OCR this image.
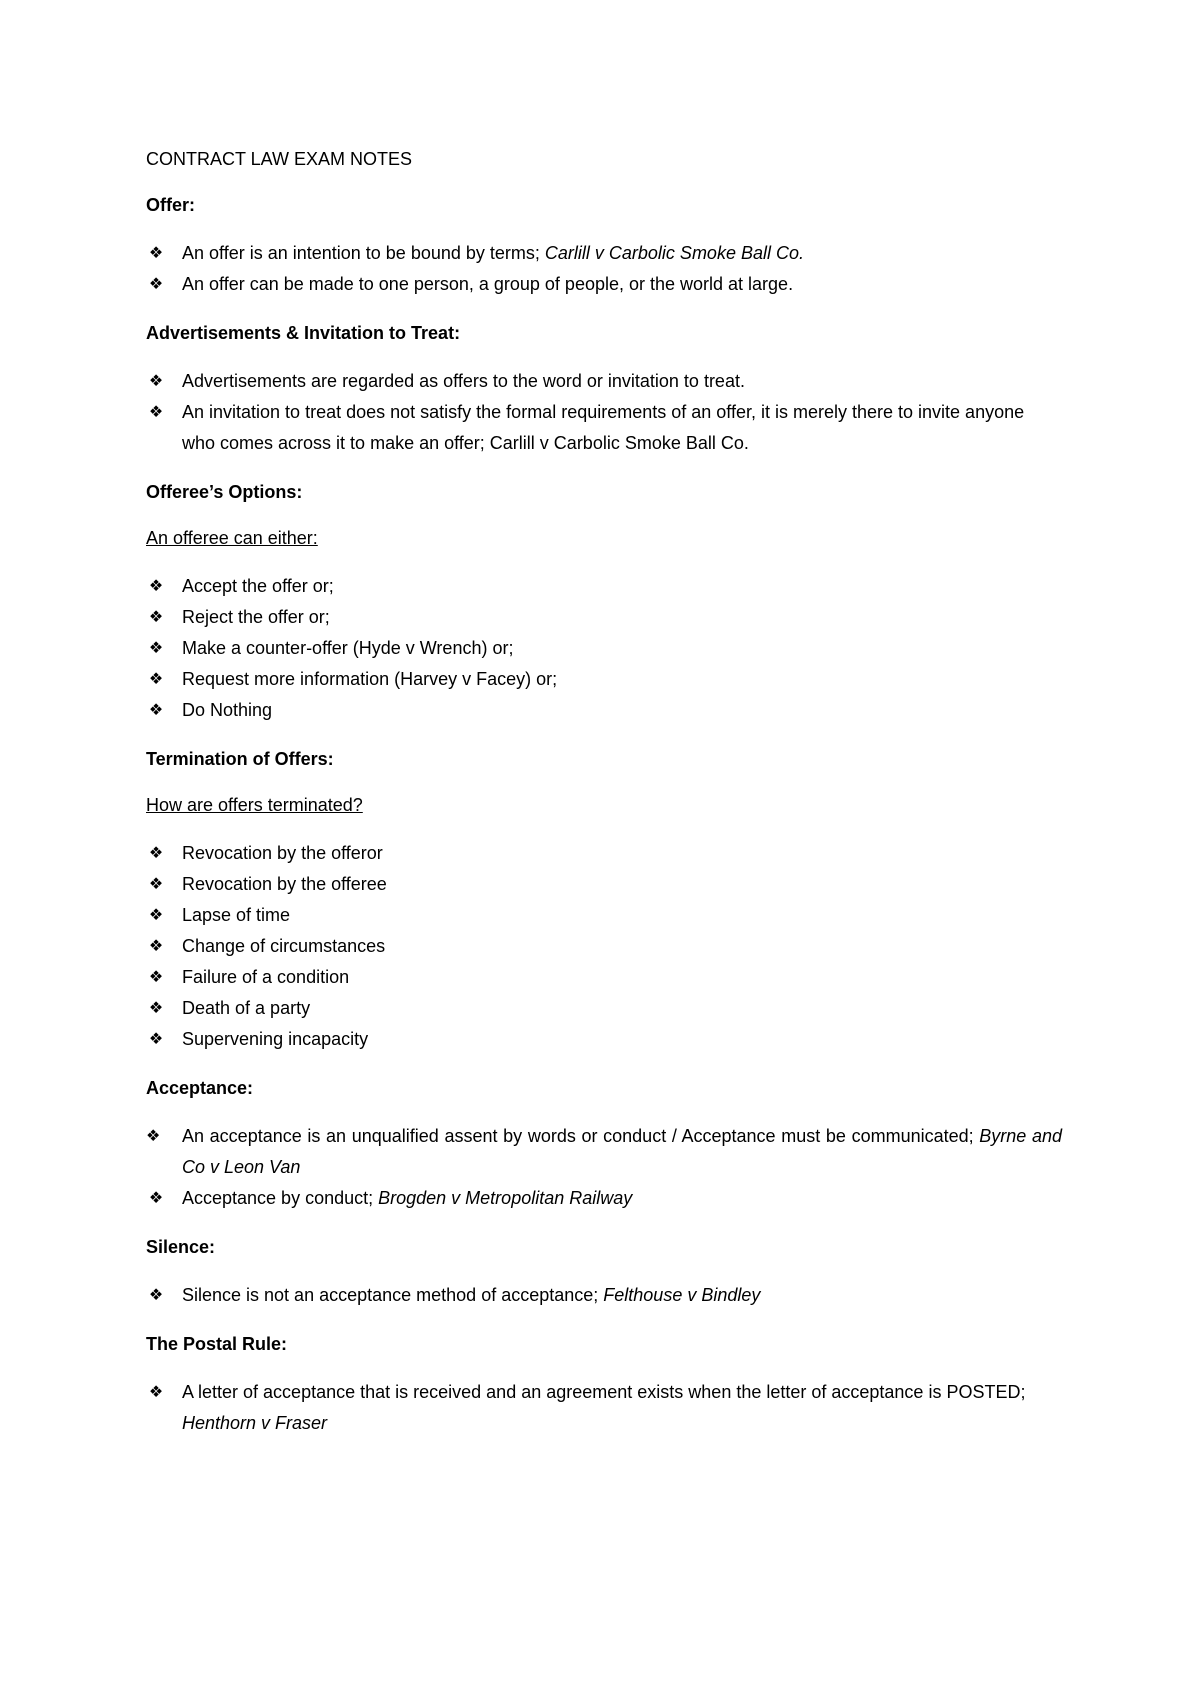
CONTRACT LAW EXAM NOTES

Offer:

❖ An offer is an intention to be bound by terms; Carlill v Carbolic Smoke Ball Co.
❖ An offer can be made to one person, a group of people, or the world at large.

Advertisements & Invitation to Treat:

❖ Advertisements are regarded as offers to the word or invitation to treat.
❖ An invitation to treat does not satisfy the formal requirements of an offer, it is merely there to invite anyone who comes across it to make an offer; Carlill v Carbolic Smoke Ball Co.

Offeree’s Options:

An offeree can either:

❖ Accept the offer or;
❖ Reject the offer or;
❖ Make a counter-offer (Hyde v Wrench) or;
❖ Request more information (Harvey v Facey) or;
❖ Do Nothing

Termination of Offers:

How are offers terminated?

❖ Revocation by the offeror
❖ Revocation by the offeree
❖ Lapse of time
❖ Change of circumstances
❖ Failure of a condition
❖ Death of a party
❖ Supervening incapacity

Acceptance:

❖	An acceptance is an unqualified assent by words or conduct / Acceptance must be communicated; Byrne and Co v Leon Van
❖ Acceptance by conduct; Brogden v Metropolitan Railway

Silence:

❖ Silence is not an acceptance method of acceptance; Felthouse v Bindley

The Postal Rule:

❖ A letter of acceptance that is received and an agreement exists when the letter of acceptance is POSTED; Henthorn v Fraser
